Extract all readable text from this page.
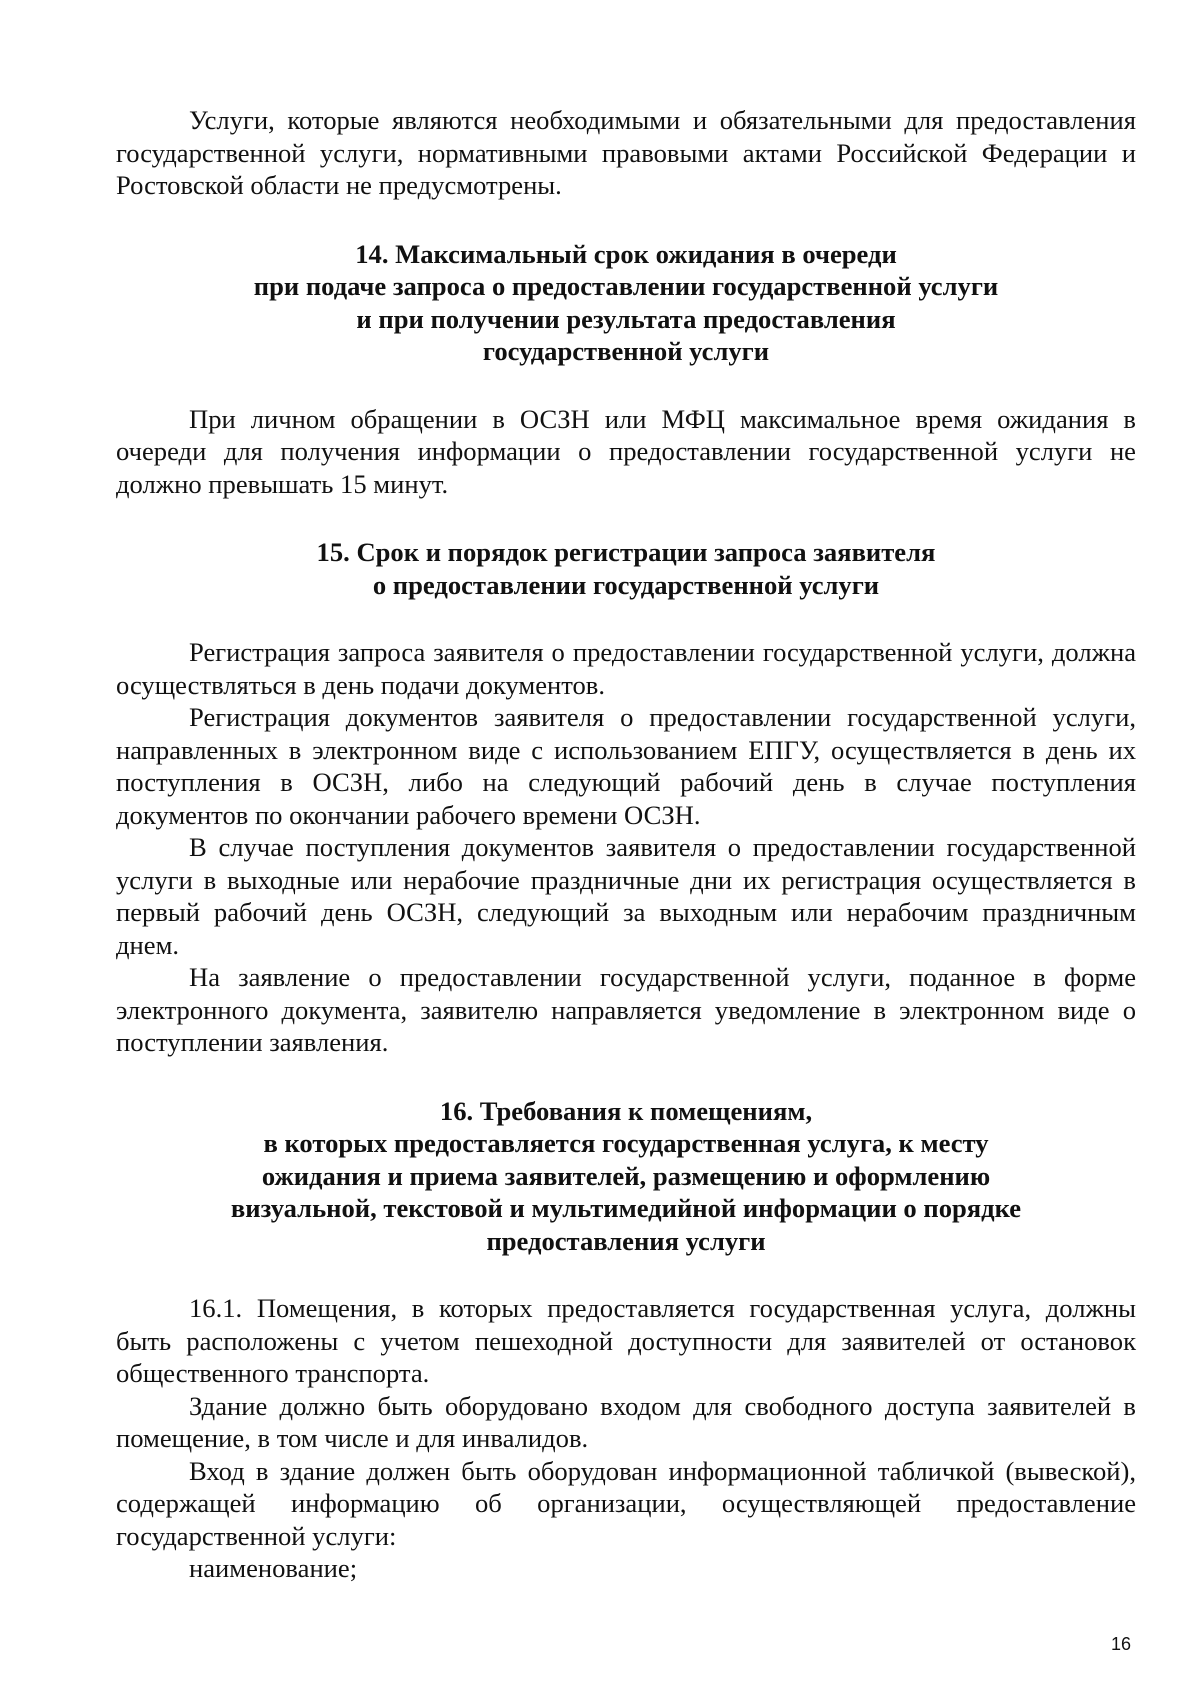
Услуги, которые являются необходимыми и обязательными для предоставления государственной услуги, нормативными правовыми актами Российской Федерации и Ростовской области не предусмотрены.

14. Максимальный срок ожидания в очереди
при подаче запроса о предоставлении государственной услуги
и при получении результата предоставления
государственной услуги

При личном обращении в ОСЗН или МФЦ максимальное время ожидания в очереди для получения информации о предоставлении государственной услуги не должно превышать 15 минут.

15. Срок и порядок регистрации запроса заявителя
о предоставлении государственной услуги

Регистрация запроса заявителя о предоставлении государственной услуги, должна осуществляться в день подачи документов.

Регистрация документов заявителя о предоставлении государственной услуги, направленных в электронном виде с использованием ЕПГУ, осуществляется в день их поступления в ОСЗН, либо на следующий рабочий день в случае поступления документов по окончании рабочего времени ОСЗН.

В случае поступления документов заявителя о предоставлении государственной услуги в выходные или нерабочие праздничные дни их регистрация осуществляется в первый рабочий день ОСЗН, следующий за выходным или нерабочим праздничным днем.

На заявление о предоставлении государственной услуги, поданное в форме электронного документа, заявителю направляется уведомление в электронном виде о поступлении заявления.

16. Требования к помещениям,
в которых предоставляется государственная услуга, к месту
ожидания и приема заявителей, размещению и оформлению
визуальной, текстовой и мультимедийной информации о порядке
предоставления услуги

16.1. Помещения, в которых предоставляется государственная услуга, должны быть расположены с учетом пешеходной доступности для заявителей от остановок общественного транспорта.

Здание должно быть оборудовано входом для свободного доступа заявителей в помещение, в том числе и для инвалидов.

Вход в здание должен быть оборудован информационной табличкой (вывеской), содержащей информацию об организации, осуществляющей предоставление государственной услуги:

наименование;

16
